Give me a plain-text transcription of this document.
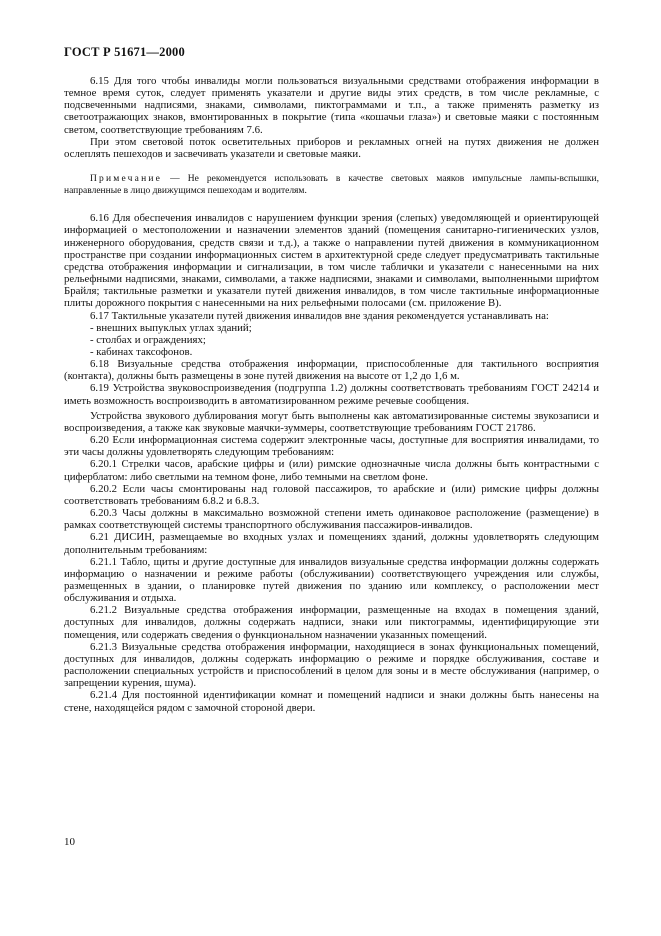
ГОСТ Р 51671—2000

6.15 Для того чтобы инвалиды могли пользоваться визуальными средствами отображения информации в темное время суток, следует применять указатели и другие виды этих средств, в том числе рекламные, с подсвеченными надписями, знаками, символами, пиктограммами и т.п., а также применять разметку из светоотражающих знаков, вмонтированных в покрытие (типа «кошачьи глаза») и световые маяки с постоянным светом, соответствующие требованиям 7.6.

При этом световой поток осветительных приборов и рекламных огней на путях движения не должен ослеплять пешеходов и засвечивать указатели и световые маяки.

Примечание — Не рекомендуется использовать в качестве световых маяков импульсные лампы-вспышки, направленные в лицо движущимся пешеходам и водителям.

6.16 Для обеспечения инвалидов с нарушением функции зрения (слепых) уведомляющей и ориентирующей информацией о местоположении и назначении элементов зданий (помещения санитарно-гигиенических узлов, инженерного оборудования, средств связи и т.д.), а также о направлении путей движения в коммуникационном пространстве при создании информационных систем в архитектурной среде следует предусматривать тактильные средства отображения информации и сигнализации, в том числе таблички и указатели с нанесенными на них рельефными надписями, знаками, символами, а также надписями, знаками и символами, выполненными шрифтом Брайля; тактильные разметки и указатели путей движения инвалидов, в том числе тактильные информационные плиты дорожного покрытия с нанесенными на них рельефными полосами (см. приложение В).

6.17 Тактильные указатели путей движения инвалидов вне здания рекомендуется устанавливать на:

- внешних выпуклых углах зданий;

- столбах и ограждениях;

- кабинах таксофонов.

6.18 Визуальные средства отображения информации, приспособленные для тактильного восприятия (контакта), должны быть размещены в зоне путей движения на высоте от 1,2 до 1,6 м.

6.19 Устройства звуковоспроизведения (подгруппа 1.2) должны соответствовать требованиям ГОСТ 24214 и иметь возможность воспроизводить в автоматизированном режиме речевые сообщения.

Устройства звукового дублирования могут быть выполнены как автоматизированные системы звукозаписи и воспроизведения, а также как звуковые маячки-зуммеры, соответствующие требованиям ГОСТ 21786.

6.20 Если информационная система содержит электронные часы, доступные для восприятия инвалидами, то эти часы должны удовлетворять следующим требованиям:

6.20.1 Стрелки часов, арабские цифры и (или) римские однозначные числа должны быть контрастными с циферблатом: либо светлыми на темном фоне, либо темными на светлом фоне.

6.20.2 Если часы смонтированы над головой пассажиров, то арабские и (или) римские цифры должны соответствовать требованиям 6.8.2 и 6.8.3.

6.20.3 Часы должны в максимально возможной степени иметь одинаковое расположение (размещение) в рамках соответствующей системы транспортного обслуживания пассажиров-инвалидов.

6.21 ДИСИН, размещаемые во входных узлах и помещениях зданий, должны удовлетворять следующим дополнительным требованиям:

6.21.1 Табло, щиты и другие доступные для инвалидов визуальные средства информации должны содержать информацию о назначении и режиме работы (обслуживании) соответствующего учреждения или службы, размещенных в здании, о планировке путей движения по зданию или комплексу, о расположении мест обслуживания и отдыха.

6.21.2 Визуальные средства отображения информации, размещенные на входах в помещения зданий, доступных для инвалидов, должны содержать надписи, знаки или пиктограммы, идентифицирующие эти помещения, или содержать сведения о функциональном назначении указанных помещений.

6.21.3 Визуальные средства отображения информации, находящиеся в зонах функциональных помещений, доступных для инвалидов, должны содержать информацию о режиме и порядке обслуживания, составе и расположении специальных устройств и приспособлений в целом для зоны и в месте обслуживания (например, о запрещении курения, шума).

6.21.4 Для постоянной идентификации комнат и помещений надписи и знаки должны быть нанесены на стене, находящейся рядом с замочной стороной двери.

10
